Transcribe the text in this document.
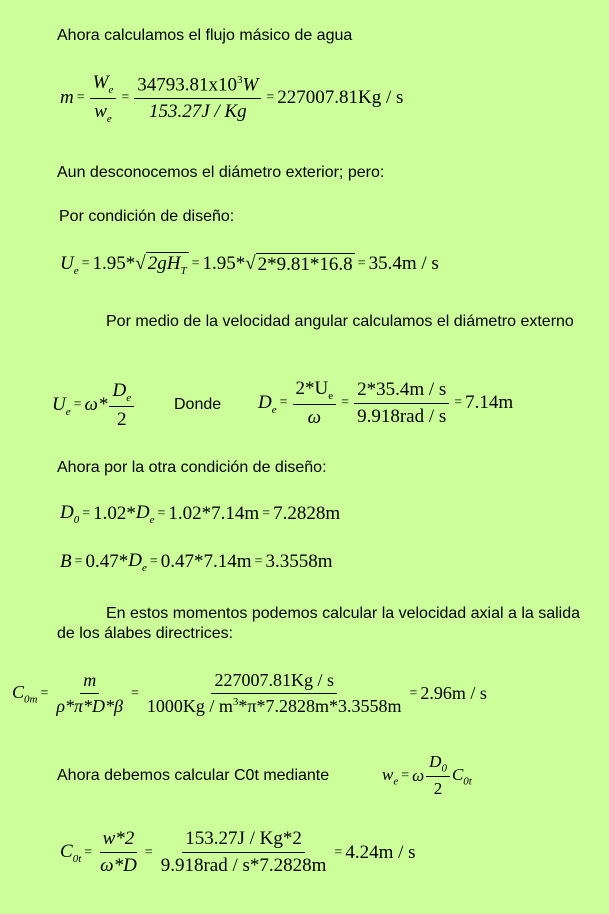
Ahora calculamos el flujo másico de agua
$m = \frac{W_e}{w_e} = \frac{34793.81x10^3W}{153.27J / Kg} = 227007.81Kg / s$
Aun desconocemos el diámetro exterior; pero:
Por condición de diseño:
$U_e = 1.95*$ √ $2gH_T = 1.95*$ √ 2*9.81*16.8 = 35.4m / s
Por medio de la velocidad angular calculamos el diámetro externo
$U_e = \omega* \frac{D_e}{2}$ Donde $D_e = \frac{2*U_e}{\omega} = \frac{2*35.4m / s}{\text{9.918rad / s}} = 7.14m$
Ahora por la otra condición de diseño:
$D_0 = 1.02*$ $D_e = 1.02*7.14m = 7.2828m$
B = 0.47* $D_e = 0.47*7.14m = 3.3558m$
En estos momentos podemos calcular la velocidad axial a la salida de los álabes directrices:
$C_{0m} = \frac{m}{\rho*\pi*D*\beta} = \frac{227007.81Kg / s}{1000Kg / m^3*\pi*7.2828m*3.3558m} = 2.96m / s$
Ahora debemos calcular C0t mediante	$w_e = \omega \frac{D_0}{2} C_{0t}$
$C_{0t} = \frac{w*2}{\omega*D} = \frac{153.27J / Kg*2}{\text{9.918rad / s*7.2828m}} = 4.24m / s$
